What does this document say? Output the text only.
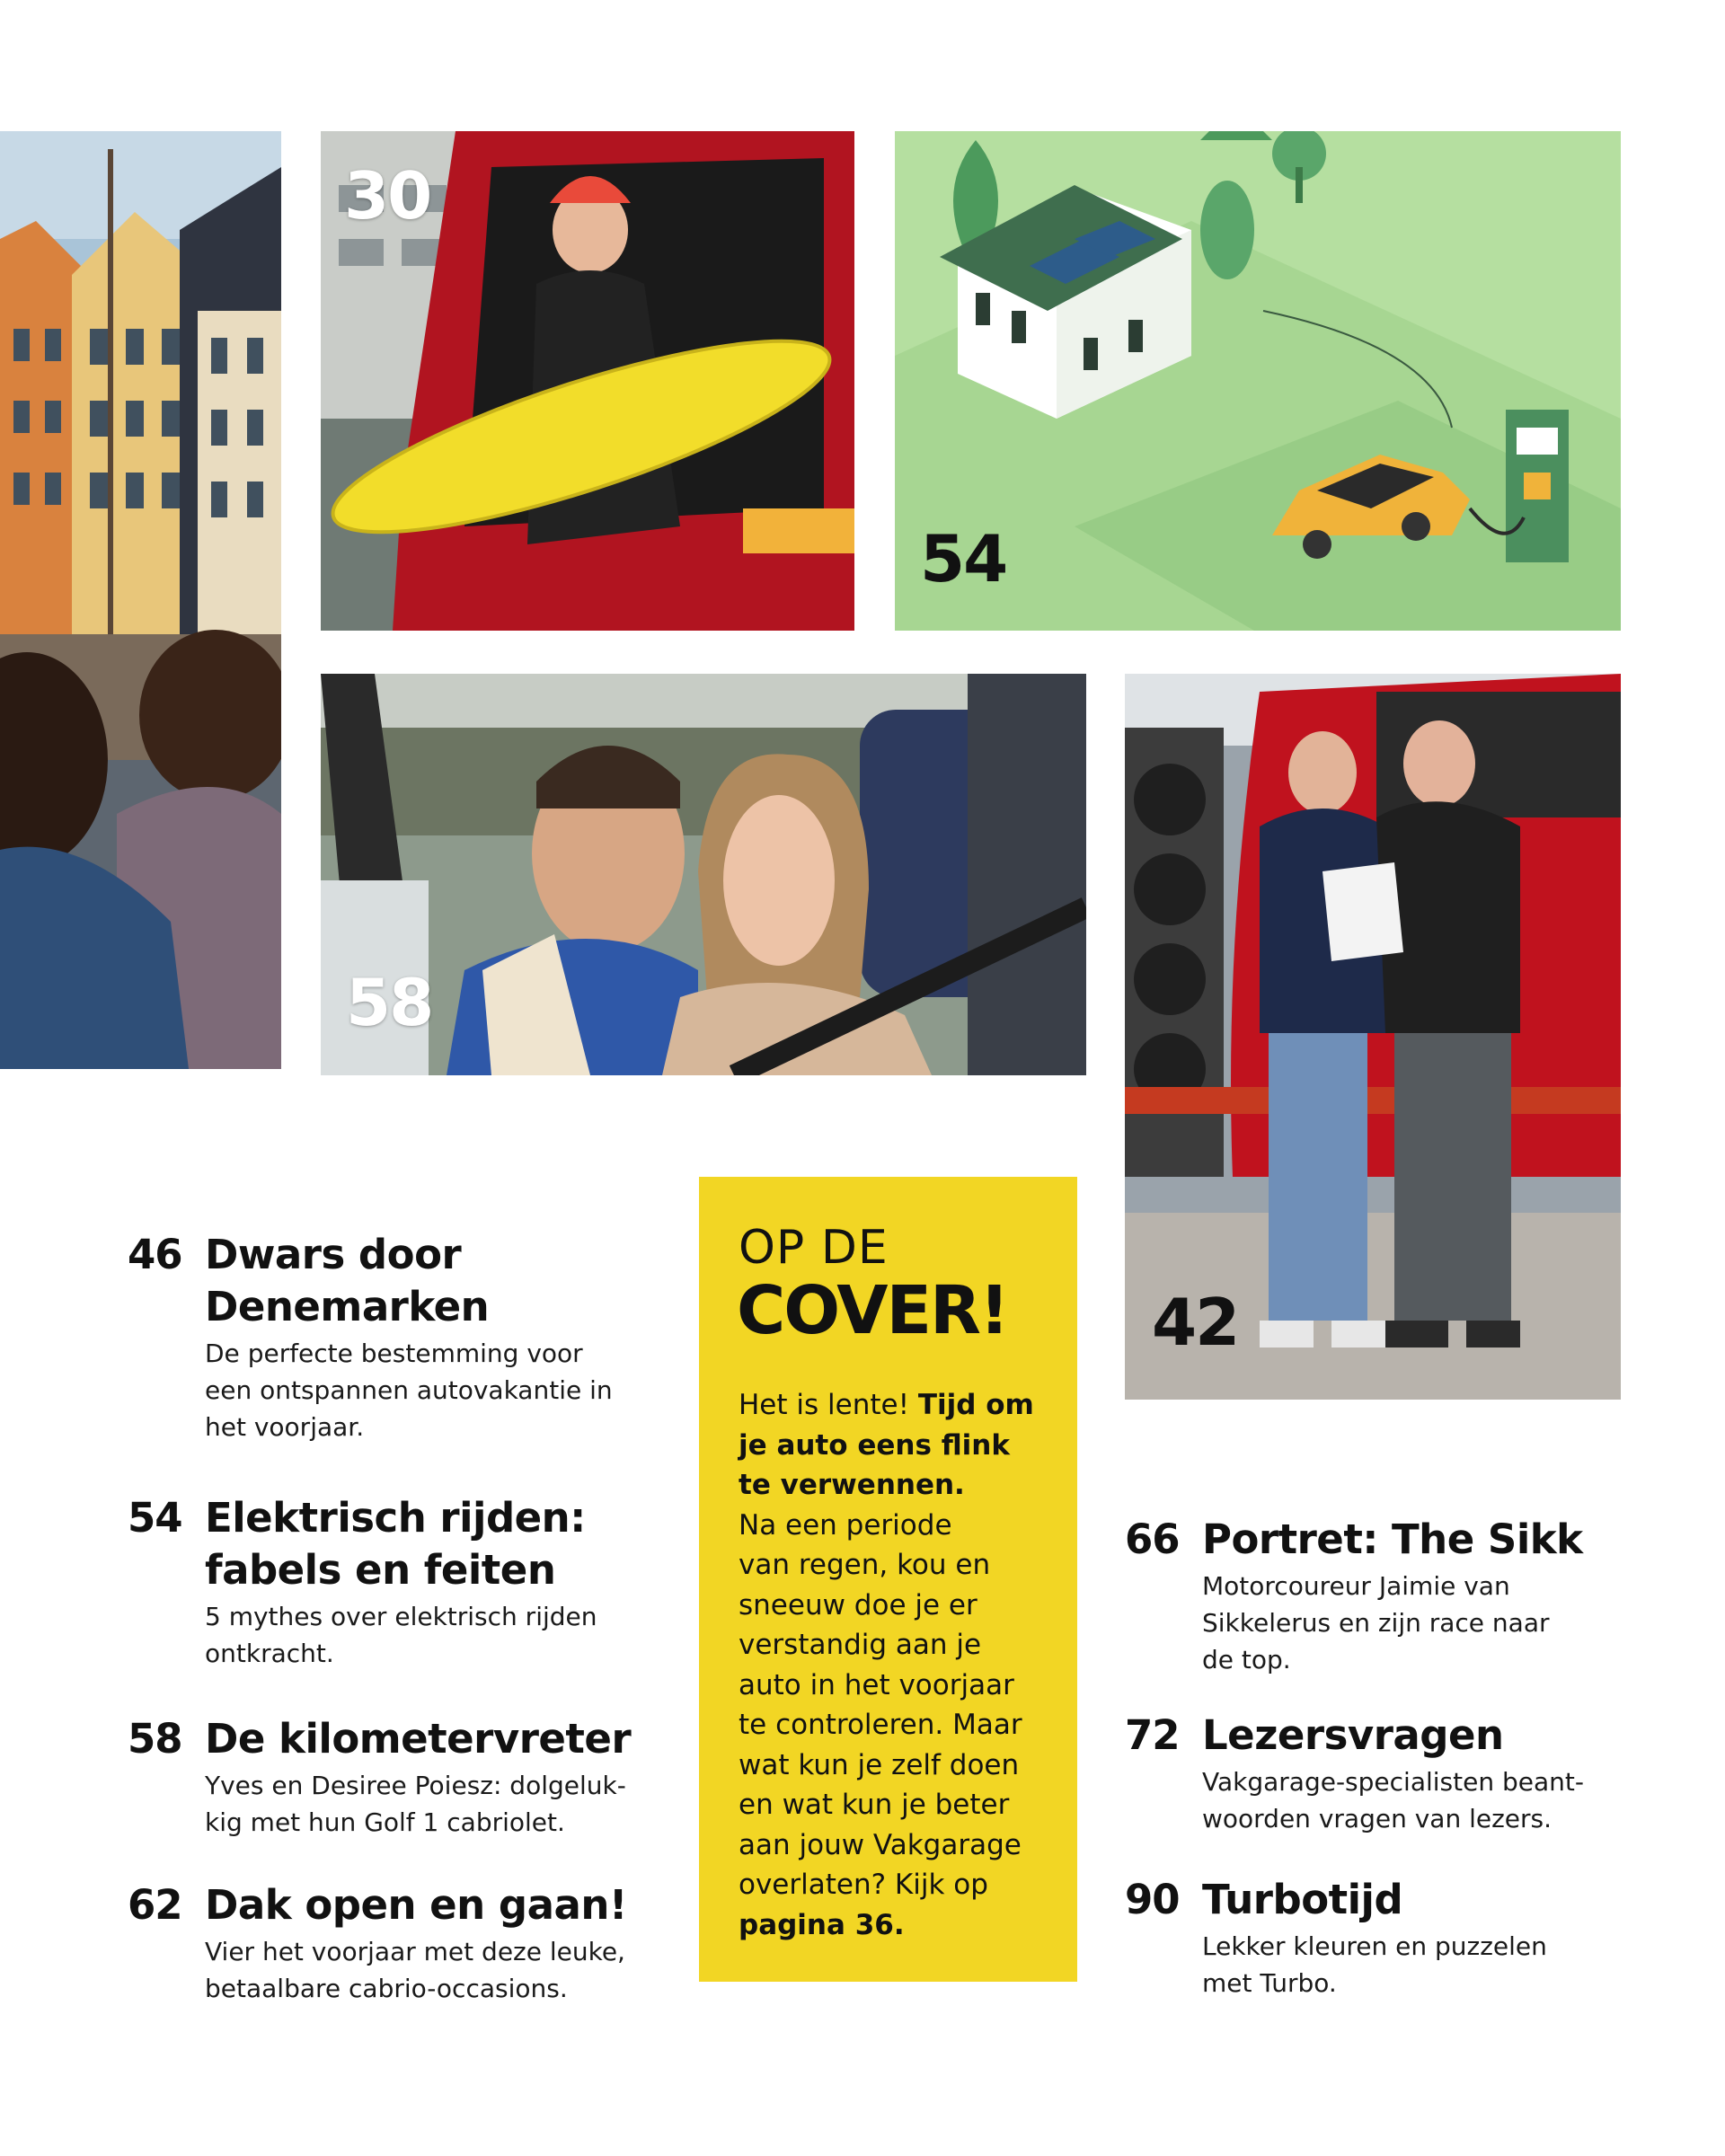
30
54
58
42
46 Dwars door
Denemarken
De perfecte bestemming voor
een ontspannen autovakantie in
het voorjaar.
54 Elektrisch rijden:
fabels en feiten
5 mythes over elektrisch rijden
ontkracht.
58 De kilometervreter
Yves en Desiree Poiesz: dolgeluk-
kig met hun Golf 1 cabriolet.
62 Dak open en gaan!
Vier het voorjaar met deze leuke,
betaalbare cabrio-occasions.
OP DE
COVER!
Het is lente! Tijd om
je auto eens flink
te verwennen.
Na een periode
van regen, kou en
sneeuw doe je er
verstandig aan je
auto in het voorjaar
te controleren. Maar
wat kun je zelf doen
en wat kun je beter
aan jouw Vakgarage
overlaten? Kijk op
pagina 36.
66 Portret: The Sikk
Motorcoureur Jaimie van
Sikkelerus en zijn race naar
de top.
72 Lezersvragen
Vakgarage-specialisten beant-
woorden vragen van lezers.
90 Turbotijd
Lekker kleuren en puzzelen
met Turbo.
